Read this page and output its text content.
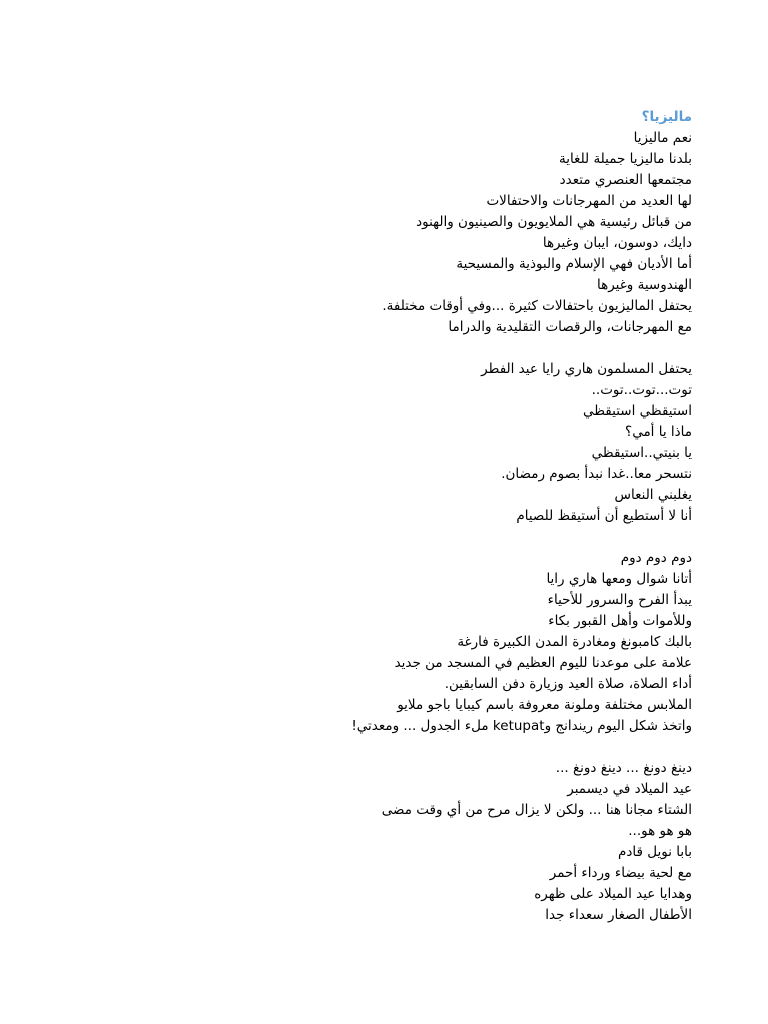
ماليزيا؟
نعم ماليزيا
بلدنا ماليزيا جميلة للغاية
مجتمعها العنصري متعدد
لها العديد من المهرجانات والاحتفالات
من قبائل رئيسية هي الملايويون والصينيون والهنود
دايك، دوسون، ايبان وغيرها
أما الأديان فهي الإسلام والبوذية والمسيحية
الهندوسية وغيرها
يحتفل الماليزيون باحتفالات كثيرة ...وفي أوقات مختلفة.
مع المهرجانات، والرقصات التقليدية والدراما
يحتفل المسلمون هاري رايا عيد الفطر
توت...توت..توت..
استيقظي استيقظي
ماذا يا أمي؟
يا بنيتي..استيقظي
نتسحر معا..غدا نبدأ بصوم رمضان.
يغلبني النعاس
أنا لا أستطيع أن أستيقظ للصيام
دوم دوم دوم
أتانا شوال ومعها هاري رايا
يبدأ الفرح والسرور للأحياء
وللأموات وأهل القبور بكاء
بالبك كامبونغ ومغادرة المدن الكبيرة فارغة
علامة على موعدنا لليوم العظيم في المسجد من جديد
أداء الصلاة، صلاة العيد وزيارة دفن السابقين.
الملابس مختلفة وملونة معروفة باسم كيبايا باجو ملايو
واتخذ شكل اليوم ريندانج وketupat ملء الجدول ... ومعدتي!
دينغ دونغ ... دينغ دونغ ...
عيد الميلاد في ديسمبر
الشتاء مجانا هنا ... ولكن لا يزال مرح من أي وقت مضى
هو هو هو...
بابا نويل قادم
مع لحية بيضاء ورداء أحمر
وهدايا عيد الميلاد على ظهره
الأطفال الصغار سعداء جدا
